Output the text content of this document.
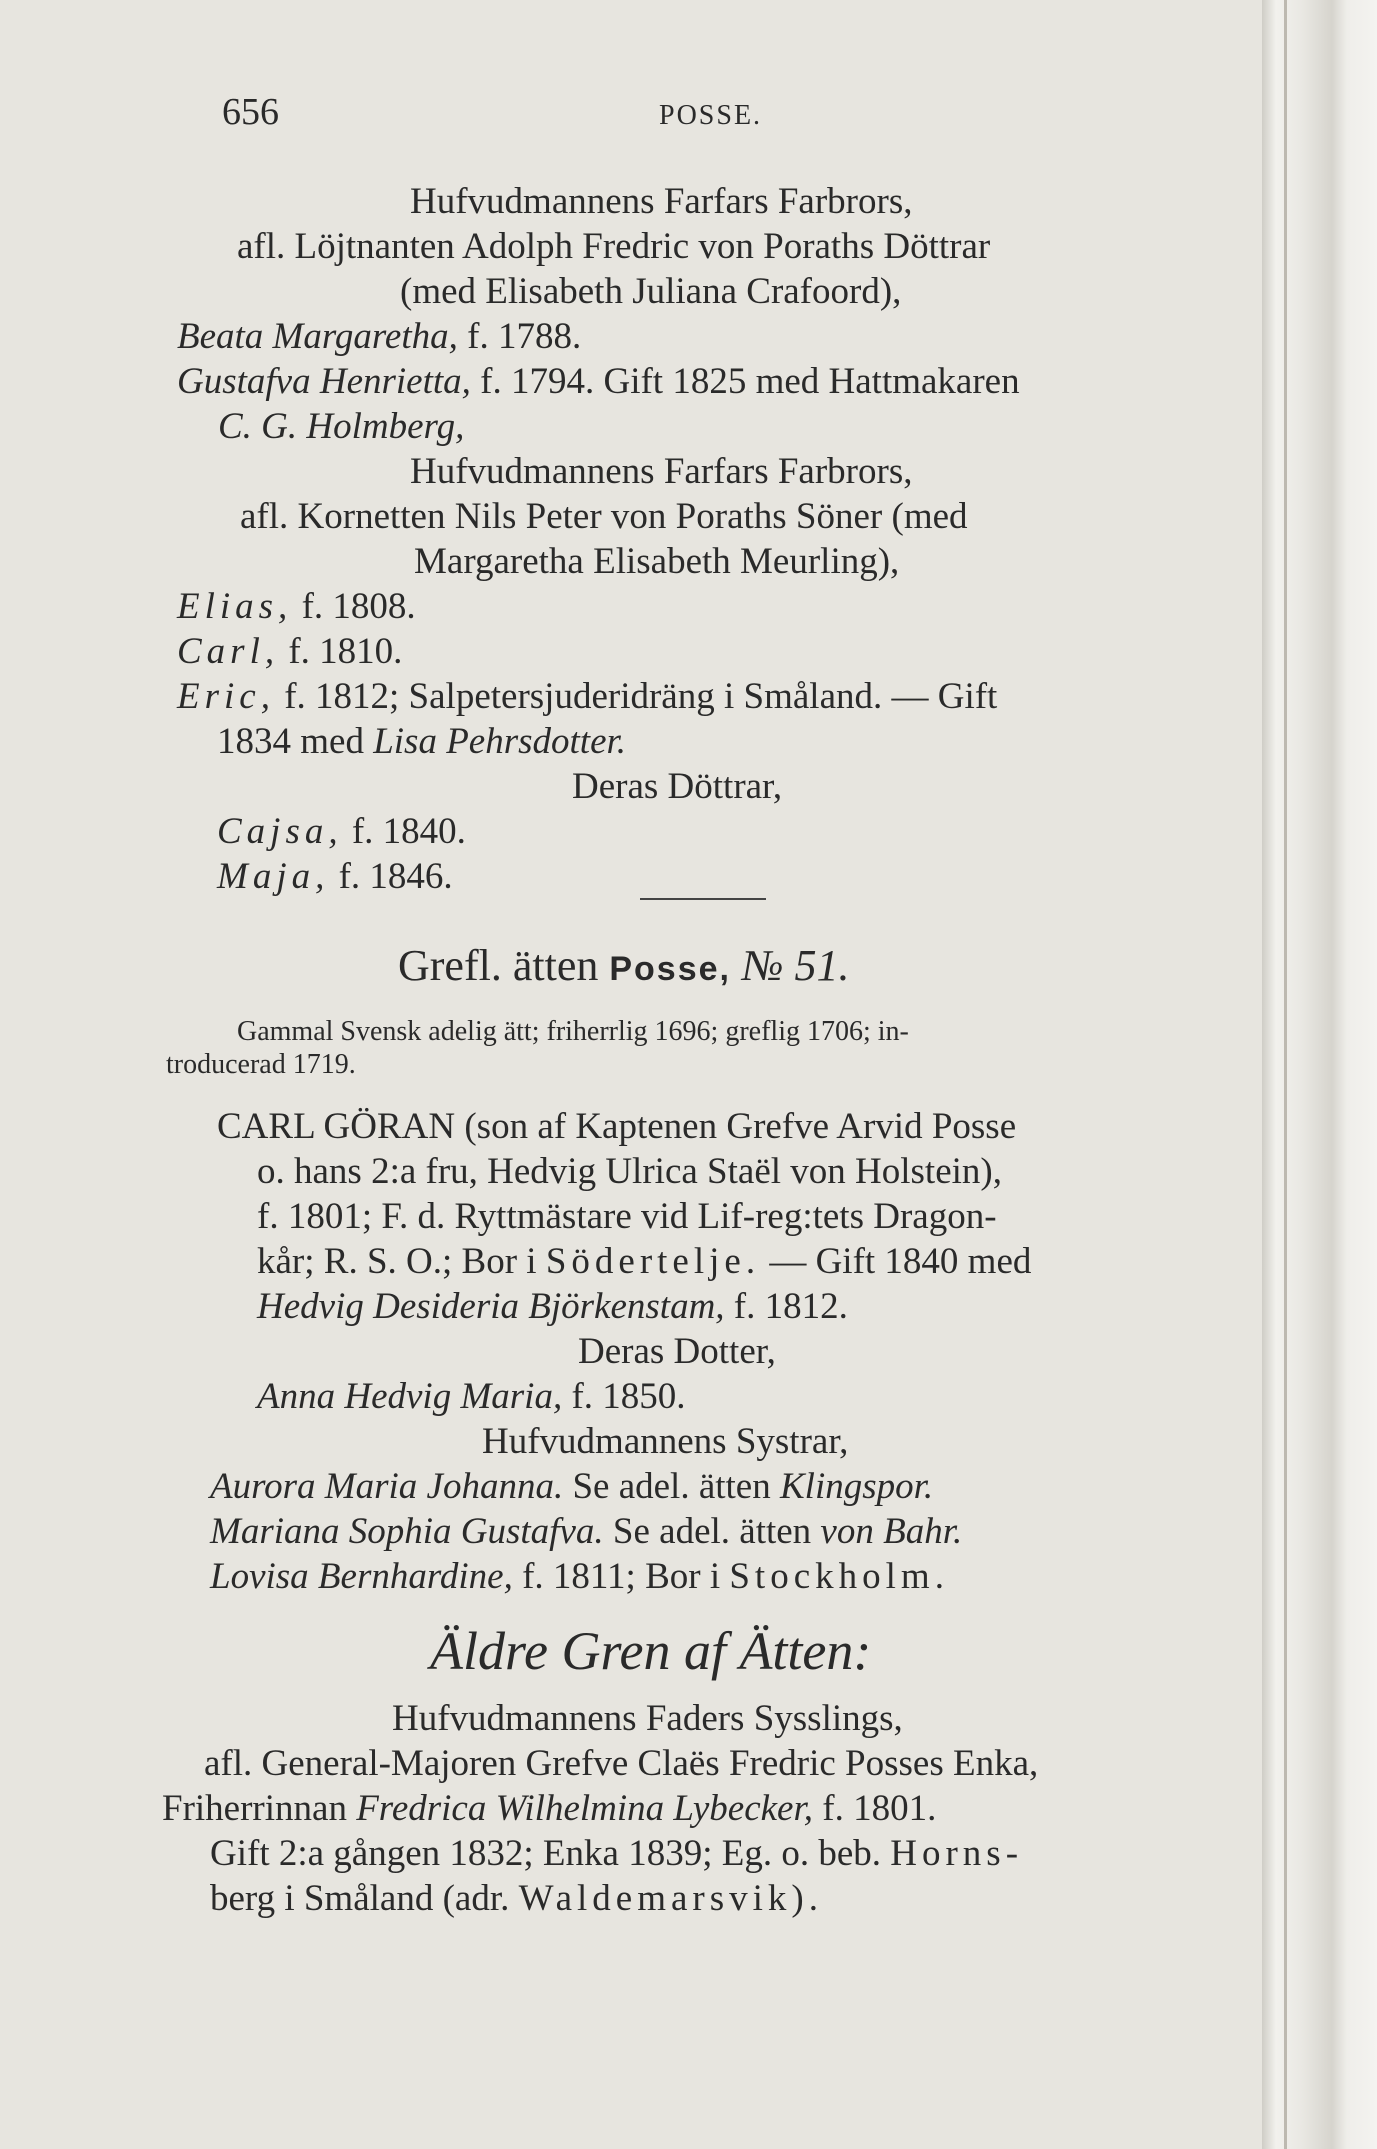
656	POSSE.
Hufvudmannens Farfars Farbrors,
afl. Löjtnanten Adolph Fredric von Poraths Döttrar
(med Elisabeth Juliana Crafoord),
Beata Margaretha, f. 1788.
Gustafva Henrietta, f. 1794. Gift 1825 med Hattmakaren
C. G. Holmberg,
Hufvudmannens Farfars Farbrors,
afl. Kornetten Nils Peter von Poraths Söner (med
Margaretha Elisabeth Meurling),
Elias, f. 1808.
Carl, f. 1810.
Eric, f. 1812; Salpetersjuderidräng i Småland. — Gift
1834 med Lisa Pehrsdotter.
Deras Döttrar,
Cajsa, f. 1840.
Maja, f. 1846.
Grefl. ätten Posse, № 51.
Gammal Svensk adelig ätt; friherrlig 1696; greflig 1706; in-
troducerad 1719.
CARL GÖRAN (son af Kaptenen Grefve Arvid Posse
o. hans 2:a fru, Hedvig Ulrica Staël von Holstein),
f. 1801; F. d. Ryttmästare vid Lif-reg:tets Dragon-
kår; R. S. O.; Bor i Södertelje. — Gift 1840 med
Hedvig Desideria Björkenstam, f. 1812.
Deras Dotter,
Anna Hedvig Maria, f. 1850.
Hufvudmannens Systrar,
Aurora Maria Johanna. Se adel. ätten Klingspor.
Mariana Sophia Gustafva. Se adel. ätten von Bahr.
Lovisa Bernhardine, f. 1811; Bor i Stockholm.
Äldre Gren af Ätten:
Hufvudmannens Faders Sysslings,
afl. General-Majoren Grefve Claës Fredric Posses Enka,
Friherrinnan Fredrica Wilhelmina Lybecker, f. 1801.
Gift 2:a gången 1832; Enka 1839; Eg. o. beb. Horns-
berg i Småland (adr. Waldemarsvik).
